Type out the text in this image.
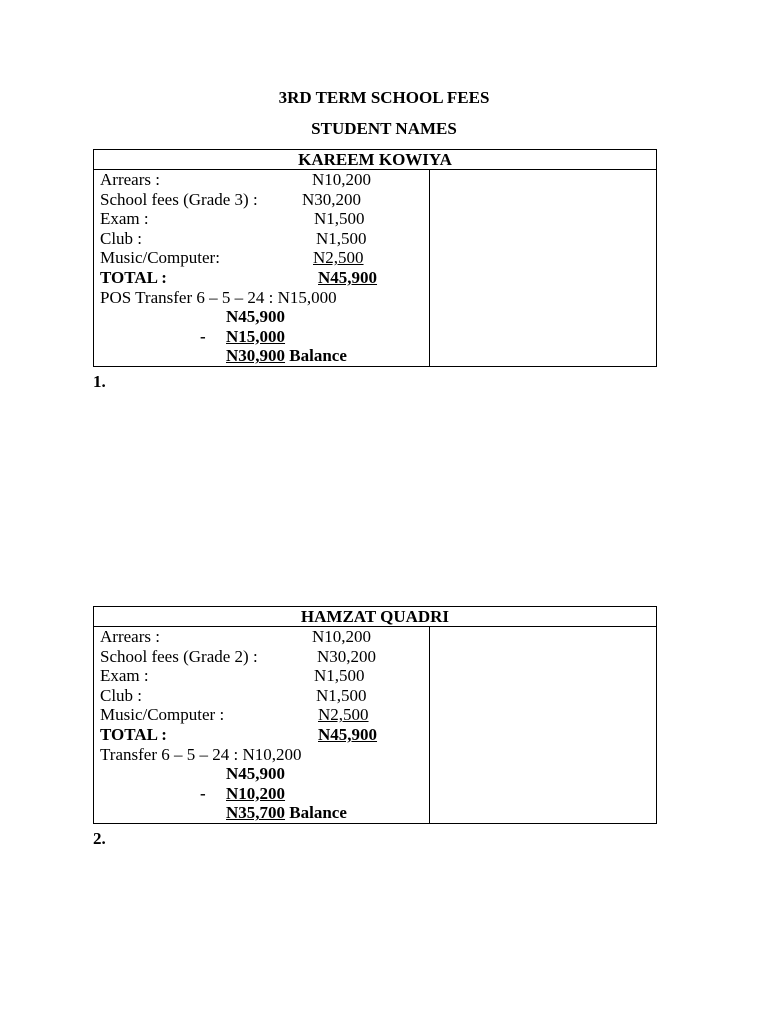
3RD TERM SCHOOL FEES
STUDENT NAMES
KAREEM KOWIYA
Arrears :	N10,200
School fees (Grade 3) :	N30,200
Exam :	N1,500
Club :	N1,500
Music/Computer:	N2,500
TOTAL :	N45,900
POS Transfer 6 – 5 – 24 : N15,000
N45,900
- N15,000
N30,900 Balance
1.
HAMZAT QUADRI
Arrears :	N10,200
School fees (Grade 2) :	N30,200
Exam :	N1,500
Club :	N1,500
Music/Computer :	N2,500
TOTAL :	N45,900
Transfer 6 – 5 – 24 : N10,200
N45,900
- N10,200
N35,700 Balance
2.
